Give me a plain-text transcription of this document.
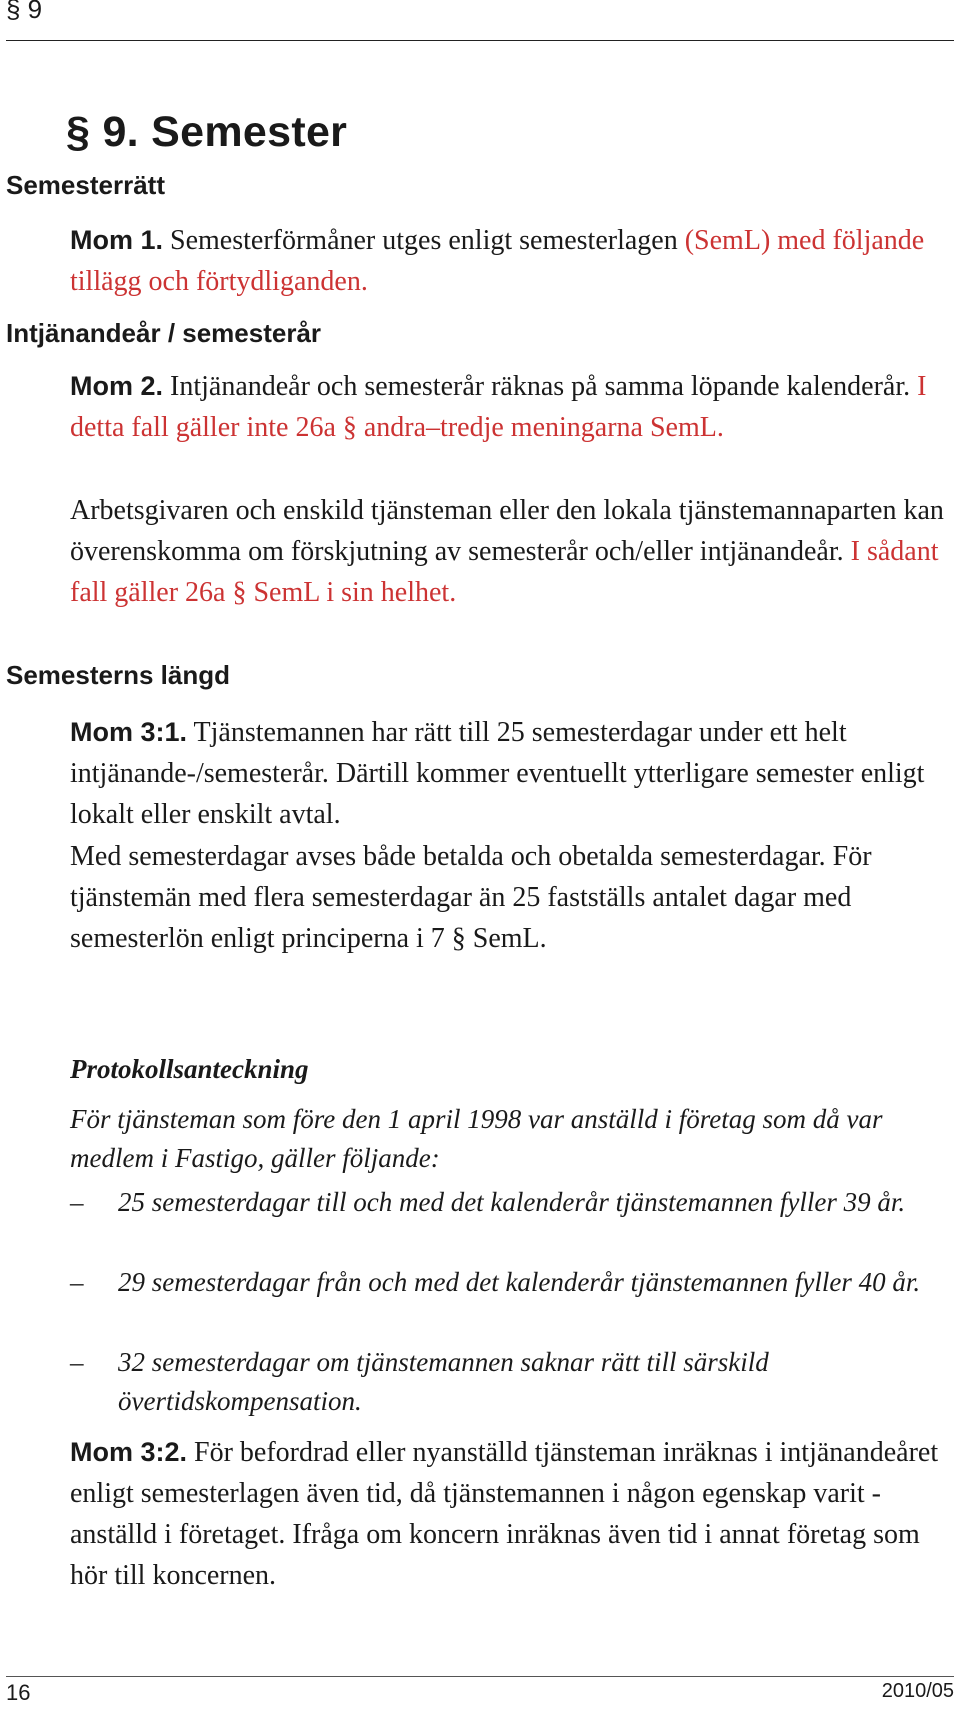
§ 9
§ 9. Semester
Semesterrätt

Mom 1. Semesterförmåner utges enligt semesterlagen (SemL) med följande tillägg och förtydliganden.

Intjänandeår / semesterår

Mom 2. Intjänandeår och semesterår räknas på samma löpande kalenderår. I detta fall gäller inte 26a § andra–tredje meningarna SemL.

Arbetsgivaren och enskild tjänsteman eller den lokala tjänstemannaparten kan överenskomma om förskjutning av semesterår och/eller intjänandeår. I sådant fall gäller 26a § SemL i sin helhet.

Semesterns längd

Mom 3:1. Tjänstemannen har rätt till 25 semesterdagar under ett helt intjänande-/semesterår. Därtill kommer eventuellt ytterligare semester enligt lokalt eller enskilt avtal.

Med semesterdagar avses både betalda och obetalda semesterdagar. För tjänstemän med flera semesterdagar än 25 fastställs antalet dagar med semesterlön enligt principerna i 7 § SemL.

Protokollsanteckning

För tjänsteman som före den 1 april 1998 var anställd i företag som då var medlem i Fastigo, gäller följande:

–	25 semesterdagar till och med det kalenderår tjänstemannen fyller 39 år.
–	29 semesterdagar från och med det kalenderår tjänstemannen fyller 40 år.
–	32 semesterdagar om tjänstemannen saknar rätt till särskild övertidskompensation.

Mom 3:2. För befordrad eller nyanställd tjänsteman inräknas i intjänandeåret enligt semesterlagen även tid, då tjänstemannen i någon egenskap varit -anställd i företaget. Ifråga om koncern inräknas även tid i annat företag som hör till koncernen.

16	2010/05
